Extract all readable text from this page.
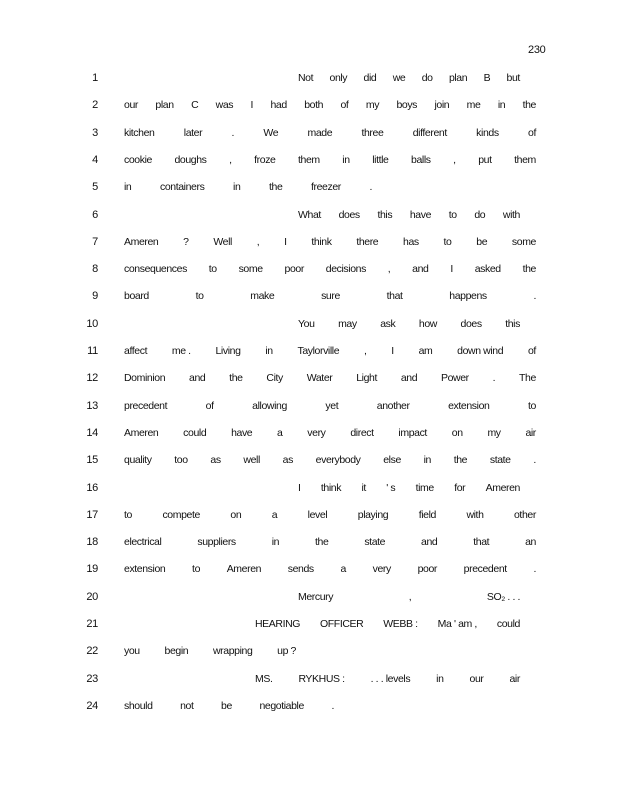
230
1	Not only did we do plan B but
2 our plan C was I had both of my boys join me in the
3 kitchen	later	.	We	made	three	different	kinds	of
4 cookie doughs , froze them in little balls , put them
5 in	containers	in	the	freezer	.
6	What does this have to do with
7 Ameren ? Well , I think there has to be some
8 consequences to some poor decisions , and I asked the
9 board	to	make	sure	that	happens	.
10	You may ask how does this
11 affect me . Living in Taylorville , I am down wind of
12 Dominion and the City Water Light and Power . The
13 precedent	of	allowing	yet	another	extension	to
14 Ameren could have a very direct impact on my air
15 quality too as well as everybody else in the state .
16	I think it ' s time for Ameren
17 to	compete	on	a	level	playing	field	with	other
18 electrical	suppliers	in	the	state	and	that	an
19 extension	to	Ameren	sends	a	very	poor	precedent	.
20	Mercury	,	SO₂ . . .
21	HEARING OFFICER WEBB : Ma ' am , could
22 you begin wrapping up ?
23	MS. RYKHUS : . . . levels in our air
24 should	not	be	negotiable	.
